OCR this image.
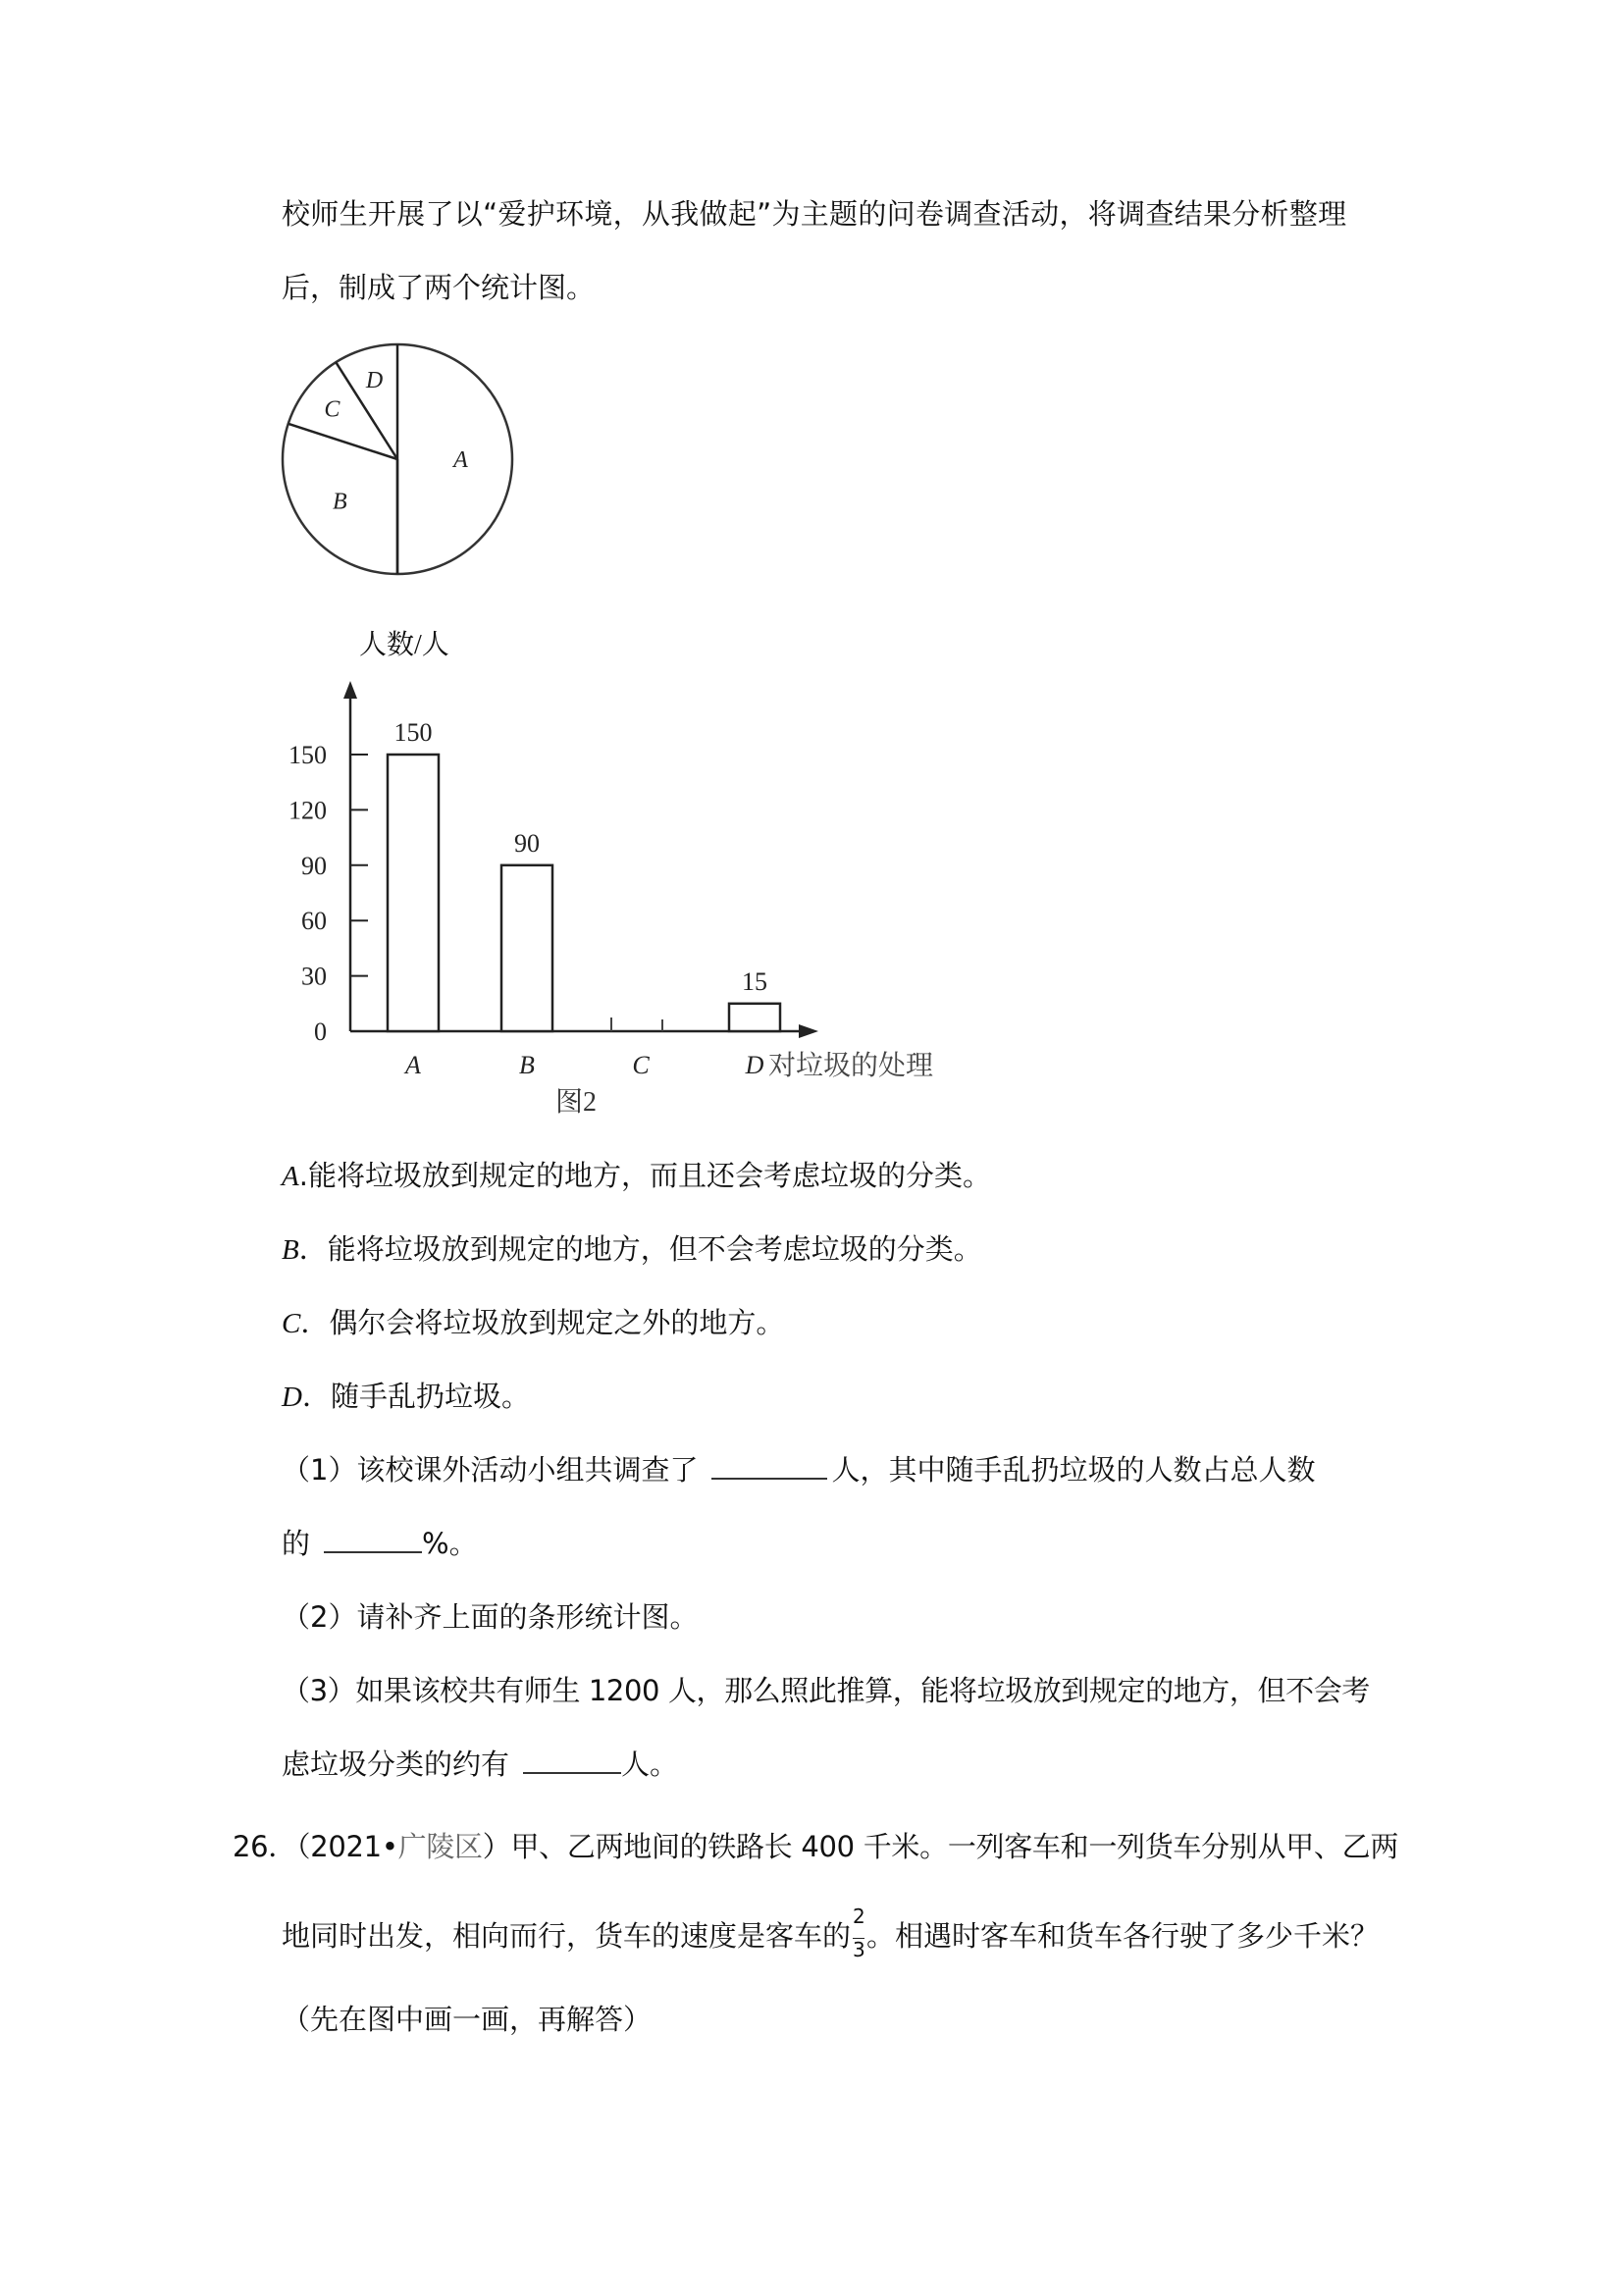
校师生开展了以“爱护环境，从我做起”为主题的问卷调查活动，将调查结果分析整理
后，制成了两个统计图。
A
B
C
D
0
30
60
90
120
150
150
A
90
B	C
15
D
人数/人
对垃圾的处理
图2
A.能将垃圾放到规定的地方，而且还会考虑垃圾的分类。
B．能将垃圾放到规定的地方，但不会考虑垃圾的分类。
C．偶尔会将垃圾放到规定之外的地方。
D．随手乱扔垃圾。
（1）该校课外活动小组共调查了	人，其中随手乱扔垃圾的人数占总人数
的	%。
（2）请补齐上面的条形统计图。
（3）如果该校共有师生 1200 人，那么照此推算，能将垃圾放到规定的地方，但不会考
虑垃圾分类的约有	人。
26．（2021•广陵区）甲、乙两地间的铁路长 400 千米。一列客车和一列货车分别从甲、乙两
地同时出发，相向而行，货车的速度是客车的 $\frac{2}{3}$ 。相遇时客车和货车各行驶了多少千米？
（先在图中画一画，再解答）
